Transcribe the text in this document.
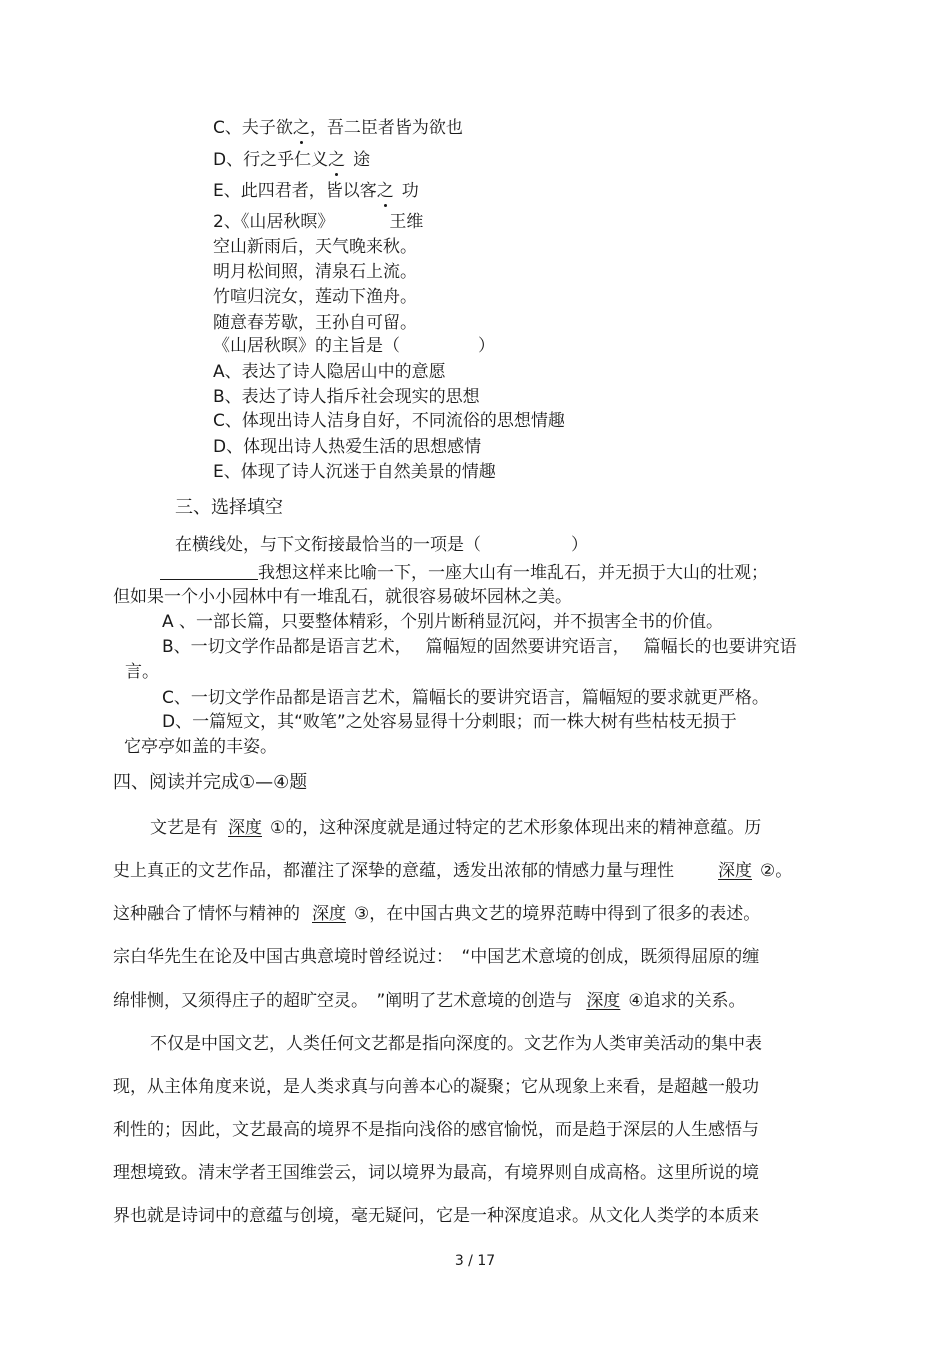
C、夫子欲之，吾二臣者皆为欲也
D、行之乎仁义之 途
E、此四君者，皆以客之 功
2、《山居秋暝》	王维
空山新雨后，天气晚来秋。
明月松间照，清泉石上流。
竹喧归浣女，莲动下渔舟。
随意春芳歇，王孙自可留。
《山居秋暝》的主旨是（	）
A、表达了诗人隐居山中的意愿
B、表达了诗人指斥社会现实的思想
C、体现出诗人洁身自好，不同流俗的思想情趣
D、体现出诗人热爱生活的思想感情
E、体现了诗人沉迷于自然美景的情趣
三、选择填空
在横线处，与下文衔接最恰当的一项是（	）
我想这样来比喻一下，一座大山有一堆乱石，并无损于大山的壮观；
但如果一个小小园林中有一堆乱石，就很容易破坏园林之美。
A 、一部长篇，只要整体精彩，个别片断稍显沉闷，并不损害全书的价值。
B、一切文学作品都是语言艺术， 篇幅短的固然要讲究语言， 篇幅长的也要讲究语
言。
C、一切文学作品都是语言艺术，篇幅长的要讲究语言，篇幅短的要求就更严格。
D、一篇短文，其“败笔”之处容易显得十分刺眼；而一株大树有些枯枝无损于
它亭亭如盖的丰姿。
四、阅读并完成①—④题
文艺是有 深度 ①的，这种深度就是通过特定的艺术形象体现出来的精神意蕴。历
史上真正的文艺作品，都灌注了深挚的意蕴，透发出浓郁的情感力量与理性	深度 ②。
这种融合了情怀与精神的 深度 ③，在中国古典文艺的境界范畴中得到了很多的表述。
宗白华先生在论及中国古典意境时曾经说过：　“中国艺术意境的创成，既须得屈原的缠
绵悱恻，又须得庄子的超旷空灵。　”阐明了艺术意境的创造与 深度 ④追求的关系。
不仅是中国文艺，人类任何文艺都是指向深度的。文艺作为人类审美活动的集中表
现，从主体角度来说，是人类求真与向善本心的凝聚；它从现象上来看，是超越一般功
利性的；因此，文艺最高的境界不是指向浅俗的感官愉悦，而是趋于深层的人生感悟与
理想境致。清末学者王国维尝云，词以境界为最高，有境界则自成高格。这里所说的境
界也就是诗词中的意蕴与创境，毫无疑问，它是一种深度追求。从文化人类学的本质来
3 / 17
